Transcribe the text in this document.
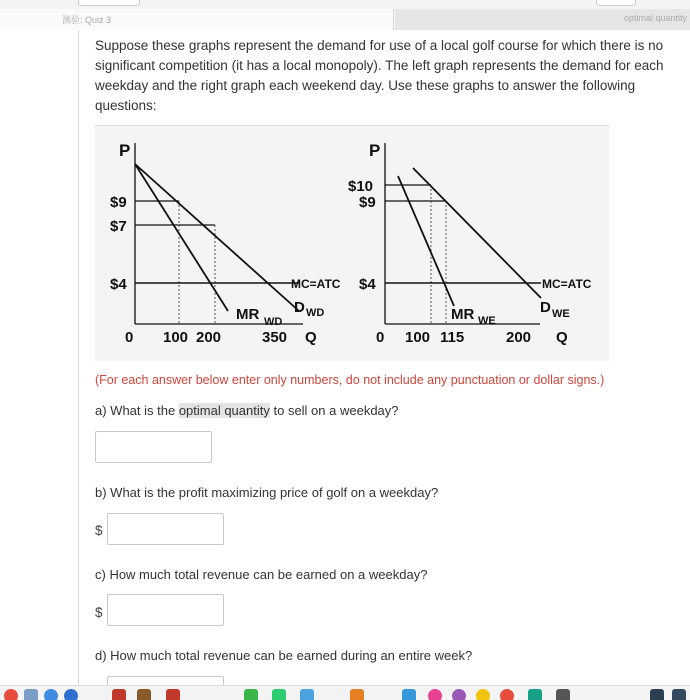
测验: Quiz 3	optimal quantity

Suppose these graphs represent the demand for use of a local golf course for which there is no significant competition (it has a local monopoly). The left graph represents the demand for each weekday and the right graph each weekend day. Use these graphs to answer the following questions:

P
$9
$7
$4	MC=ATC
MR WD
D WD
0 100 200	350 Q
P
$10
$9
$4	MC=ATC
MR WE
D WE
0 100 115	200 Q

(For each answer below enter only numbers, do not include any punctuation or dollar signs.)

a) What is the optimal quantity to sell on a weekday?

b) What is the profit maximizing price of golf on a weekday?

$

c) How much total revenue can be earned on a weekday?

$

d) How much total revenue can be earned during an entire week?
